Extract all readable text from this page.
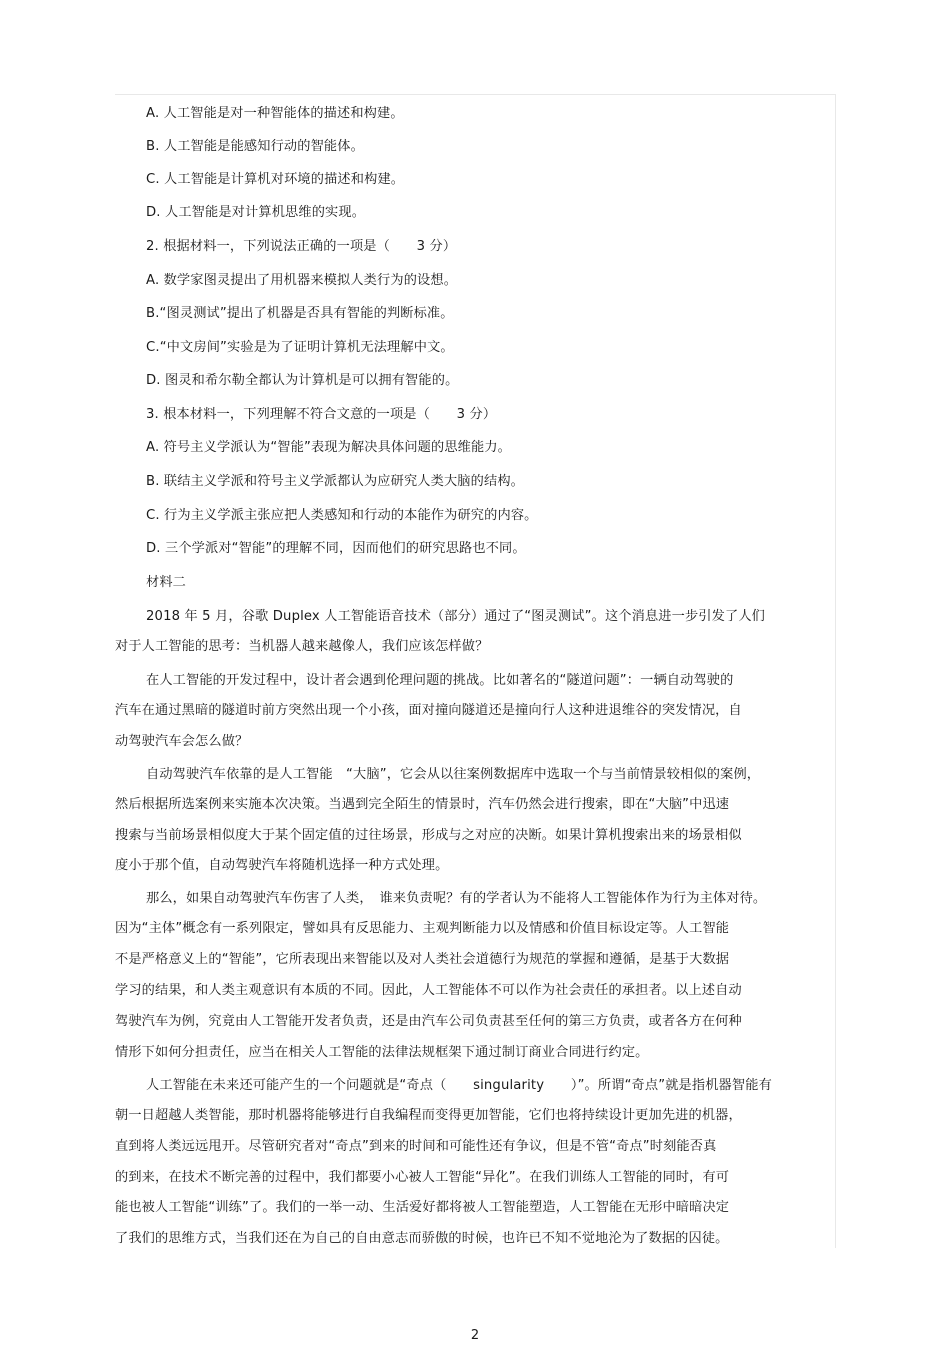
A. 人工智能是对一种智能体的描述和构建。
B. 人工智能是能感知行动的智能体。
C. 人工智能是计算机对环境的描述和构建。
D. 人工智能是对计算机思维的实现。
2. 根据材料一，下列说法正确的一项是（　　3 分）
A. 数学家图灵提出了用机器来模拟人类行为的设想。
B.“图灵测试”提出了机器是否具有智能的判断标准。
C.“中文房间”实验是为了证明计算机无法理解中文。
D. 图灵和希尔勒全都认为计算机是可以拥有智能的。
3. 根本材料一，下列理解不符合文意的一项是（　　3 分）
A. 符号主义学派认为“智能”表现为解决具体问题的思维能力。
B. 联结主义学派和符号主义学派都认为应研究人类大脑的结构。
C. 行为主义学派主张应把人类感知和行动的本能作为研究的内容。
D. 三个学派对“智能”的理解不同，因而他们的研究思路也不同。
材料二
2018 年 5 月，谷歌 Duplex 人工智能语音技术（部分）通过了“图灵测试”。这个消息进一步引发了人们
对于人工智能的思考：当机器人越来越像人，我们应该怎样做？
在人工智能的开发过程中，设计者会遇到伦理问题的挑战。比如著名的“隧道问题”：一辆自动驾驶的
汽车在通过黑暗的隧道时前方突然出现一个小孩，面对撞向隧道还是撞向行人这种进退维谷的突发情况，自
动驾驶汽车会怎么做？
自动驾驶汽车依靠的是人工智能　“大脑”，它会从以往案例数据库中选取一个与当前情景较相似的案例，
然后根据所选案例来实施本次决策。当遇到完全陌生的情景时，汽车仍然会进行搜索，即在“大脑”中迅速
搜索与当前场景相似度大于某个固定值的过往场景，形成与之对应的决断。如果计算机搜索出来的场景相似
度小于那个值，自动驾驶汽车将随机选择一种方式处理。
那么，如果自动驾驶汽车伤害了人类，　谁来负责呢？有的学者认为不能将人工智能体作为行为主体对待。
因为“主体”概念有一系列限定，譬如具有反思能力、主观判断能力以及情感和价值目标设定等。人工智能
不是严格意义上的“智能”，它所表现出来智能以及对人类社会道德行为规范的掌握和遵循，是基于大数据
学习的结果，和人类主观意识有本质的不同。因此，人工智能体不可以作为社会责任的承担者。以上述自动
驾驶汽车为例，究竟由人工智能开发者负责，还是由汽车公司负责甚至任何的第三方负责，或者各方在何种
情形下如何分担责任，应当在相关人工智能的法律法规框架下通过制订商业合同进行约定。
人工智能在未来还可能产生的一个问题就是“奇点（　　singularity　　）”。所谓“奇点”就是指机器智能有
朝一日超越人类智能，那时机器将能够进行自我编程而变得更加智能，它们也将持续设计更加先进的机器，
直到将人类远远甩开。尽管研究者对“奇点”到来的时间和可能性还有争议，但是不管“奇点”时刻能否真
的到来，在技术不断完善的过程中，我们都要小心被人工智能“异化”。在我们训练人工智能的同时，有可
能也被人工智能“训练”了。我们的一举一动、生活爱好都将被人工智能塑造，人工智能在无形中暗暗决定
了我们的思维方式，当我们还在为自己的自由意志而骄傲的时候，也许已不知不觉地沦为了数据的囚徒。
2
